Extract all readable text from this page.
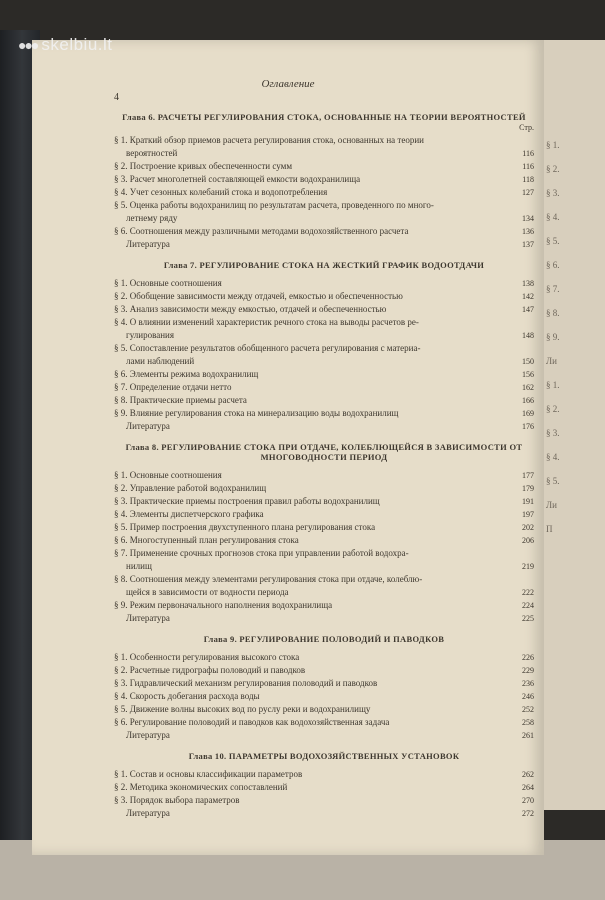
§ 1.
§ 2.
§ 3.
§ 4.
§ 5.
§ 6.
§ 7.
§ 8.
§ 9.
Ли
§ 1.
§ 2.
§ 3.
§ 4.
§ 5.
Ли
П
Оглавление
4
Глава 6. РАСЧЕТЫ РЕГУЛИРОВАНИЯ СТОКА, ОСНОВАННЫЕ НА ТЕОРИИ ВЕРОЯТНОСТЕЙ
Стр.
§ 1. Краткий обзор приемов расчета регулирования стока, основанных на теории
вероятностей	116
§ 2. Построение кривых обеспеченности сумм	116
§ 3. Расчет многолетней составляющей емкости водохранилища	118
§ 4. Учет сезонных колебаний стока и водопотребления	127
§ 5. Оценка работы водохранилищ по результатам расчета, проведенного по много-
летнему ряду	134
§ 6. Соотношения между различными методами водохозяйственного расчета	136
Литература	137
Глава 7. РЕГУЛИРОВАНИЕ СТОКА НА ЖЕСТКИЙ ГРАФИК ВОДООТДАЧИ
§ 1. Основные соотношения	138
§ 2. Обобщение зависимости между отдачей, емкостью и обеспеченностью	142
§ 3. Анализ зависимости между емкостью, отдачей и обеспеченностью	147
§ 4. О влиянии изменений характеристик речного стока на выводы расчетов ре-
гулирования	148
§ 5. Сопоставление результатов обобщенного расчета регулирования с материа-
лами наблюдений	150
§ 6. Элементы режима водохранилищ	156
§ 7. Определение отдачи нетто	162
§ 8. Практические приемы расчета	166
§ 9. Влияние регулирования стока на минерализацию воды водохранилищ	169
Литература	176
Глава 8. РЕГУЛИРОВАНИЕ СТОКА ПРИ ОТДАЧЕ, КОЛЕБЛЮЩЕЙСЯ В ЗАВИСИМОСТИ ОТ МНОГОВОДНОСТИ ПЕРИОД
§ 1. Основные соотношения	177
§ 2. Управление работой водохранилищ	179
§ 3. Практические приемы построения правил работы водохранилищ	191
§ 4. Элементы диспетчерского графика	197
§ 5. Пример построения двухступенного плана регулирования стока	202
§ 6. Многоступенный план регулирования стока	206
§ 7. Применение срочных прогнозов стока при управлении работой водохра-
нилищ	219
§ 8. Соотношения между элементами регулирования стока при отдаче, колеблю-
щейся в зависимости от водности периода	222
§ 9. Режим первоначального наполнения водохранилища	224
Литература	225
Глава 9. РЕГУЛИРОВАНИЕ ПОЛОВОДИЙ И ПАВОДКОВ
§ 1. Особенности регулирования высокого стока	226
§ 2. Расчетные гидрографы половодий и паводков	229
§ 3. Гидравлический механизм регулирования половодий и паводков	236
§ 4. Скорость добегания расхода воды	246
§ 5. Движение волны высоких вод по руслу реки и водохранилищу	252
§ 6. Регулирование половодий и паводков как водохозяйственная задача	258
Литература	261
Глава 10. ПАРАМЕТРЫ ВОДОХОЗЯЙСТВЕННЫХ УСТАНОВОК
§ 1. Состав и основы классификации параметров	262
§ 2. Методика экономических сопоставлений	264
§ 3. Порядок выбора параметров	270
Литература	272
●●● skelbiu.lt
